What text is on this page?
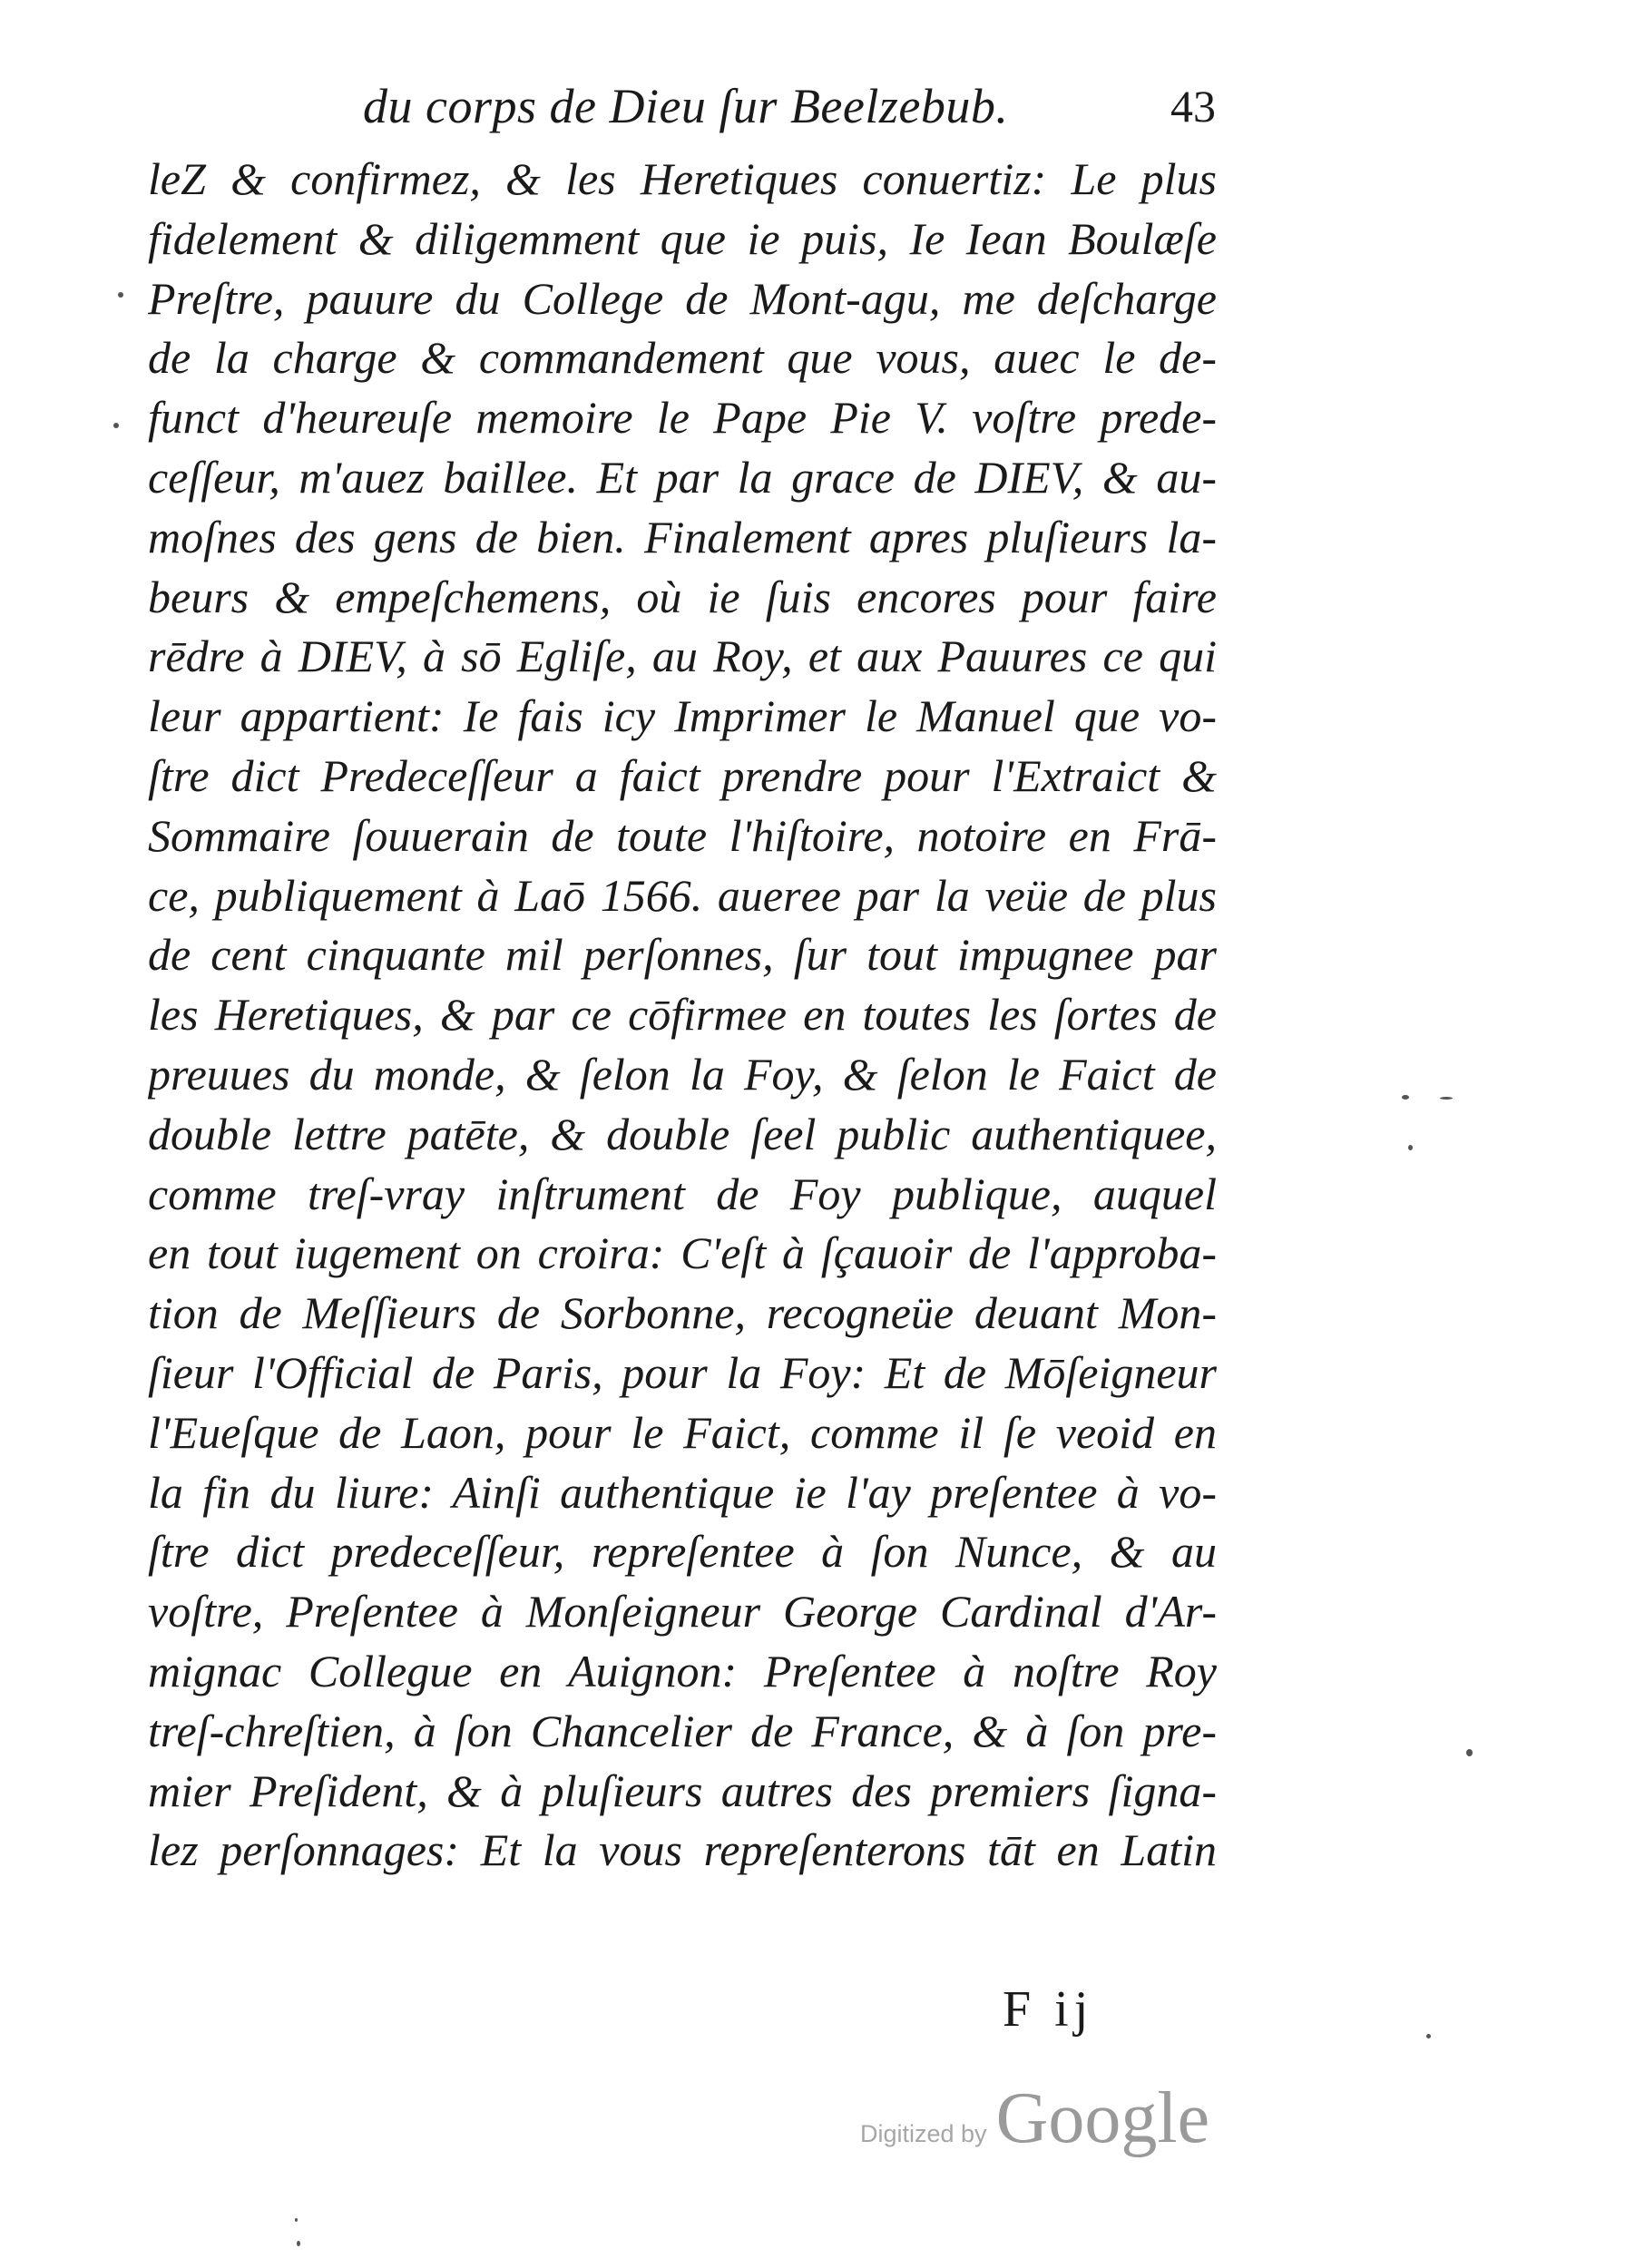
du corps de Dieu ſur Beelzebub.	43
leZ & confirmez, & les Heretiques conuertiz: Le plus
fidelement & diligemment que ie puis, Ie Iean Boulæſe
Preſtre, pauure du College de Mont-agu, me deſcharge
de la charge & commandement que vous, auec le de-
funct d'heureuſe memoire le Pape Pie V. voſtre prede-
ceſſeur, m'auez baillee. Et par la grace de DIEV, & au-
moſnes des gens de bien. Finalement apres pluſieurs la-
beurs & empeſchemens, où ie ſuis encores pour faire
rēdre à DIEV, à sō Egliſe, au Roy, et aux Pauures ce qui
leur appartient: Ie fais icy Imprimer le Manuel que vo-
ſtre dict Predeceſſeur a faict prendre pour l'Extraict &
Sommaire ſouuerain de toute l'hiſtoire, notoire en Frā-
ce, publiquement à Laō 1566. auerее par la veüe de plus
de cent cinquante mil perſonnes, ſur tout impugnee par
les Heretiques, & par ce cōfirmee en toutes les ſortes de
preuues du monde, & ſelon la Foy, & ſelon le Faict de
double lettre patēte, & double ſeel public authentiquee,
comme treſ-vray inſtrument de Foy publique, auquel
en tout iugement on croira: C'eſt à ſçauoir de l'approba-
tion de Meſſieurs de Sorbonne, recogneüe deuant Mon-
ſieur l'Official de Paris, pour la Foy: Et de Mōſeigneur
l'Eueſque de Laon, pour le Faict, comme il ſe veoid en
la fin du liure: Ainſi authentique ie l'ay preſentee à vo-
ſtre dict predeceſſeur, repreſentee à ſon Nunce, & au
voſtre, Preſentee à Monſeigneur George Cardinal d'Ar-
mignac Collegue en Auignon: Preſentee à noſtre Roy
treſ-chreſtien, à ſon Chancelier de France, & à ſon pre-
mier Preſident, & à pluſieurs autres des premiers ſigna-
lez perſonnages: Et la vous repreſenterons tāt en Latin
F ij
Digitized by Google
